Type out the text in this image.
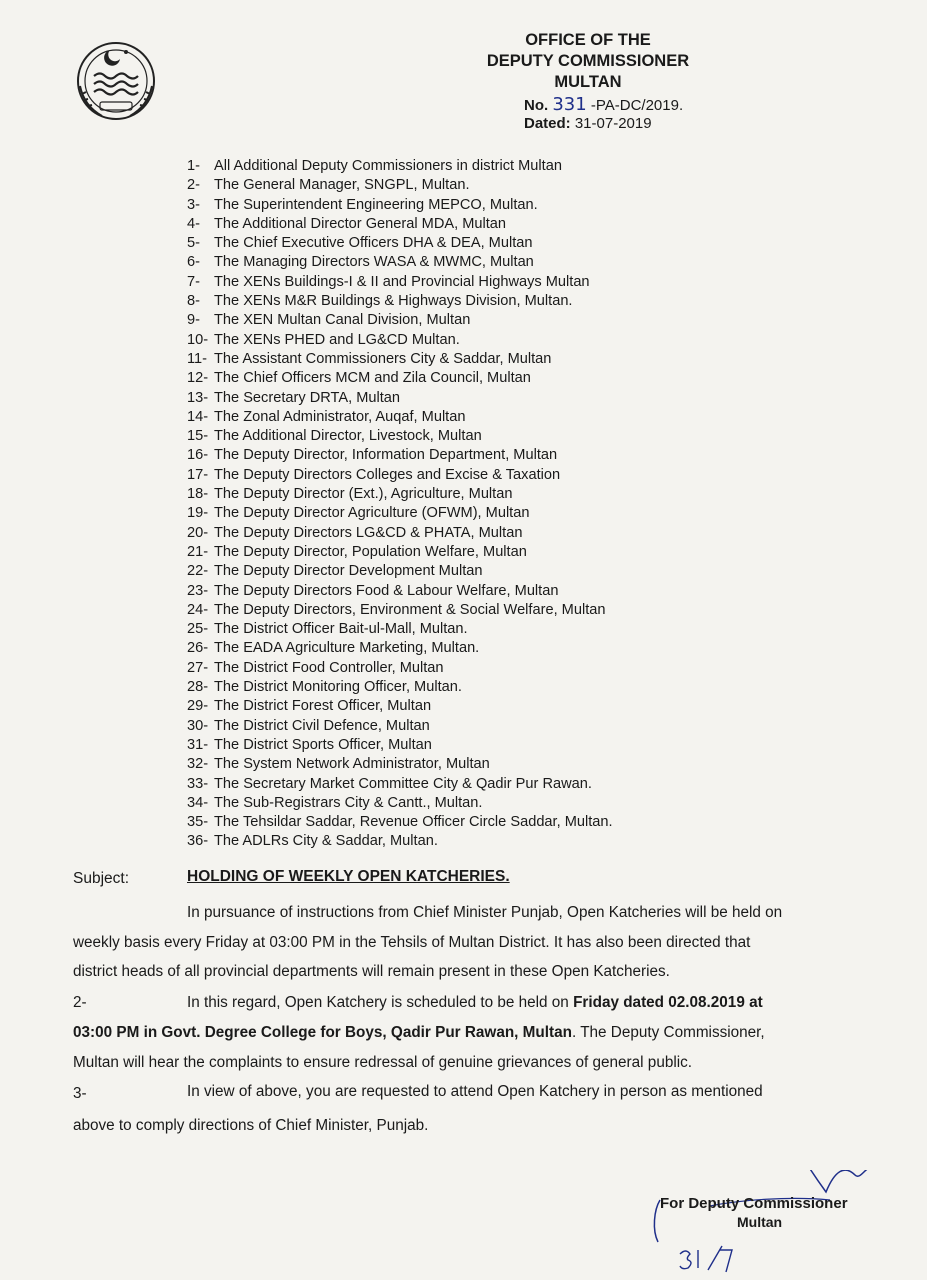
OFFICE OF THE
DEPUTY COMMISSIONER
MULTAN
No. 331 -PA-DC/2019.
Dated: 31-07-2019
1- All Additional Deputy Commissioners in district Multan
2- The General Manager, SNGPL, Multan.
3- The Superintendent Engineering MEPCO, Multan.
4- The Additional Director General MDA, Multan
5- The Chief Executive Officers DHA & DEA, Multan
6- The Managing Directors WASA & MWMC, Multan
7- The XENs Buildings-I & II and Provincial Highways Multan
8- The XENs M&R Buildings & Highways Division, Multan.
9- The XEN Multan Canal Division, Multan
10- The XENs PHED and LG&CD Multan.
11- The Assistant Commissioners City & Saddar, Multan
12- The Chief Officers MCM and Zila Council, Multan
13- The Secretary DRTA, Multan
14- The Zonal Administrator, Auqaf, Multan
15- The Additional Director, Livestock, Multan
16- The Deputy Director, Information Department, Multan
17- The Deputy Directors Colleges and Excise & Taxation
18- The Deputy Director (Ext.), Agriculture, Multan
19- The Deputy Director Agriculture (OFWM), Multan
20- The Deputy Directors LG&CD & PHATA, Multan
21- The Deputy Director, Population Welfare, Multan
22- The Deputy Director Development Multan
23- The Deputy Directors Food & Labour Welfare, Multan
24- The Deputy Directors, Environment & Social Welfare, Multan
25- The District Officer Bait-ul-Mall, Multan.
26- The EADA Agriculture Marketing, Multan.
27- The District Food Controller, Multan
28- The District Monitoring Officer, Multan.
29- The District Forest Officer, Multan
30- The District Civil Defence, Multan
31- The District Sports Officer, Multan
32- The System Network Administrator, Multan
33- The Secretary Market Committee City & Qadir Pur Rawan.
34- The Sub-Registrars City & Cantt., Multan.
35- The Tehsildar Saddar, Revenue Officer Circle Saddar, Multan.
36- The ADLRs City & Saddar, Multan.
Subject:	HOLDING OF WEEKLY OPEN KATCHERIES.
In pursuance of instructions from Chief Minister Punjab, Open Katcheries will be held on
weekly basis every Friday at 03:00 PM in the Tehsils of Multan District. It has also been directed that
district heads of all provincial departments will remain present in these Open Katcheries.
2-	In this regard, Open Katchery is scheduled to be held on Friday dated 02.08.2019 at
03:00 PM in Govt. Degree College for Boys, Qadir Pur Rawan, Multan. The Deputy Commissioner,
Multan will hear the complaints to ensure redressal of genuine grievances of general public.
3-	In view of above, you are requested to attend Open Katchery in person as mentioned
above to comply directions of Chief Minister, Punjab.
For Deputy Commissioner
Multan
